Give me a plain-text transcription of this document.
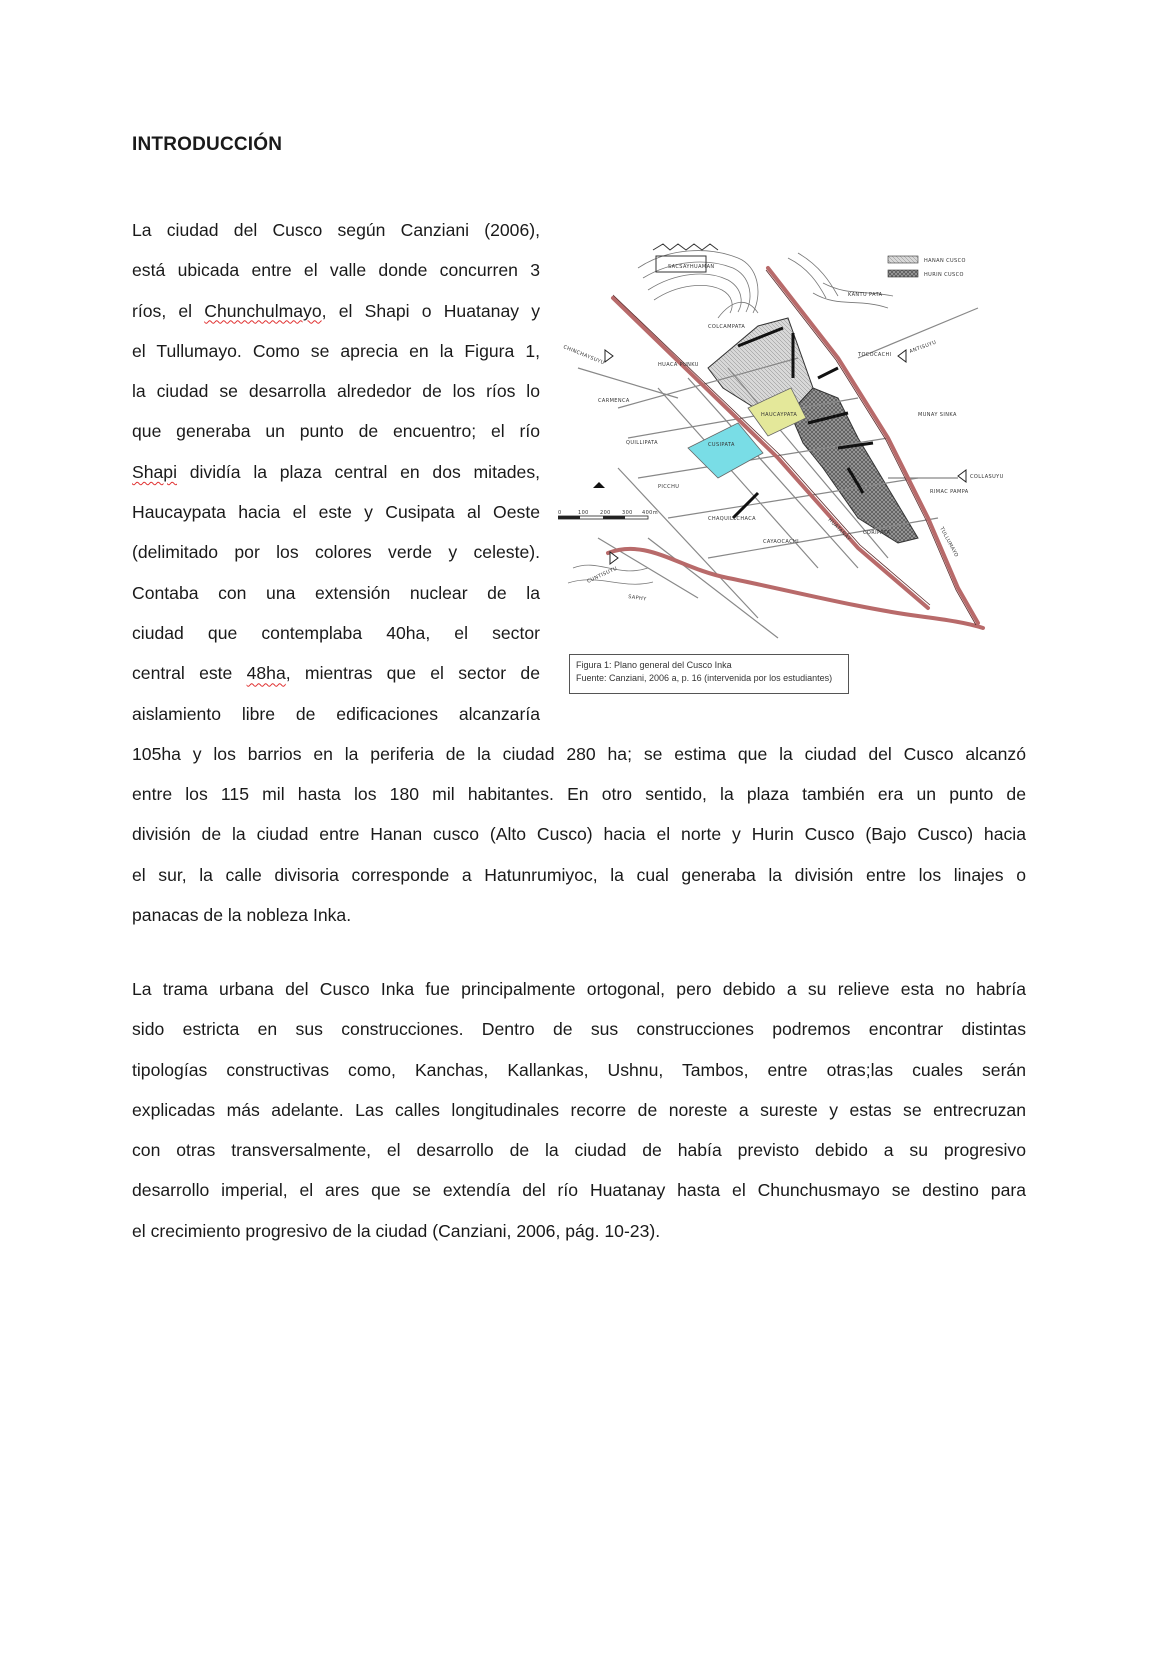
INTRODUCCIÓN
La ciudad del Cusco según Canziani (2006),
está ubicada entre el valle donde concurren 3
ríos, el Chunchulmayo, el Shapi o Huatanay y
el Tullumayo. Como se aprecia en la Figura 1,
la ciudad se desarrolla alrededor de los ríos lo
que generaba un punto de encuentro; el río
Shapi dividía la plaza central en dos mitades,
Haucaypata hacia el este y Cusipata al Oeste
(delimitado por los colores verde y celeste).
Contaba con una extensión nuclear de la
ciudad que contemplaba 40ha, el sector
central este 48ha, mientras que el sector de
aislamiento libre de edificaciones alcanzaría
105ha y los barrios en la periferia de la ciudad 280 ha; se estima que la ciudad del Cusco alcanzó
entre los 115 mil hasta los 180 mil habitantes. En otro sentido, la plaza también era un punto de
división de la ciudad entre Hanan cusco (Alto Cusco) hacia el norte y Hurin Cusco (Bajo Cusco) hacia
el sur, la calle divisoria corresponde a Hatunrumiyoc, la cual generaba la división entre los linajes o
panacas de la nobleza Inka.
0	100 200 300 400m
HANAN CUSCO
HURIN CUSCO
SACSAYHUAMAN
KANTU PATA
COLCAMPATA
CHINCHAYSUYU	TOCOCACHI
ANTISUYU
HUACA PUNKU
CARMENCA
HAUCAYPATA	MUNAY SINKA
QUILLIPATA	CUSIPATA
COLLASUYU
RIMAC PAMPA
PICCHU
CHAQUILLCHACA
CAYAOCACHI
CORIPATA
CUNTISUYU
HUATANAY	TULLUMAYO
SAPHY
Figura 1: Plano general del Cusco Inka
Fuente: Canziani, 2006 a, p. 16 (intervenida por los estudiantes)
La trama urbana del Cusco Inka fue principalmente ortogonal, pero debido a su relieve esta no habría
sido estricta en sus construcciones. Dentro de sus construcciones podremos encontrar distintas
tipologías constructivas como, Kanchas, Kallankas, Ushnu, Tambos, entre otras;las cuales serán
explicadas más adelante. Las calles longitudinales recorre de noreste a sureste y estas se entrecruzan
con otras transversalmente, el desarrollo de la ciudad de había previsto debido a su progresivo
desarrollo imperial, el ares que se extendía del río Huatanay hasta el Chunchusmayo se destino para
el crecimiento progresivo de la ciudad (Canziani, 2006, pág. 10-23).
